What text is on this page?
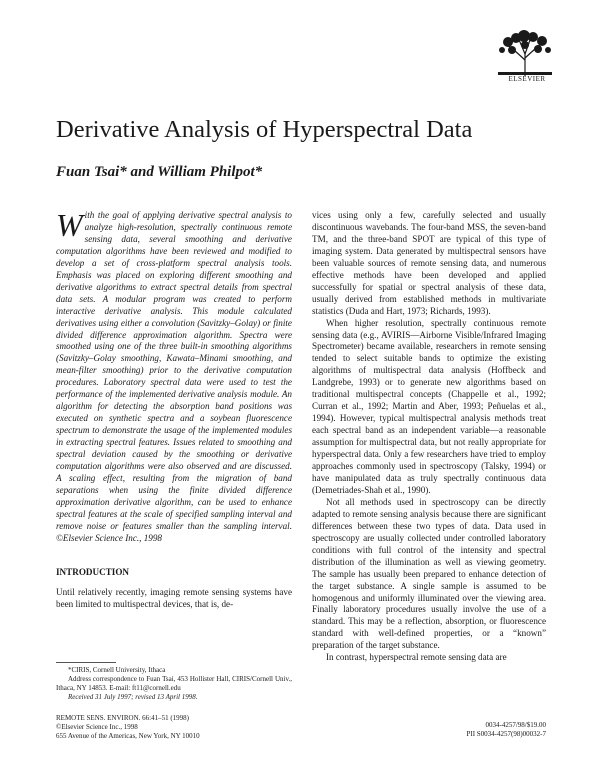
ELSEVIER
Derivative Analysis of Hyperspectral Data
Fuan Tsai* and William Philpot*

With the goal of applying derivative spectral analysis to analyze high-resolution, spectrally continuous remote sensing data, several smoothing and derivative computation algorithms have been reviewed and modified to develop a set of cross-platform spectral analysis tools. Emphasis was placed on exploring different smoothing and derivative algorithms to extract spectral details from spectral data sets. A modular program was created to perform interactive derivative analysis. This module calculated derivatives using either a convolution (Savitzky–Golay) or finite divided difference approximation algorithm. Spectra were smoothed using one of the three built-in smoothing algorithms (Savitzky–Golay smoothing, Kawata–Minami smoothing, and mean-filter smoothing) prior to the derivative computation procedures. Laboratory spectral data were used to test the performance of the implemented derivative analysis module. An algorithm for detecting the absorption band positions was executed on synthetic spectra and a soybean fluorescence spectrum to demonstrate the usage of the implemented modules in extracting spectral features. Issues related to smoothing and spectral deviation caused by the smoothing or derivative computation algorithms were also observed and are discussed. A scaling effect, resulting from the migration of band separations when using the finite divided difference approximation derivative algorithm, can be used to enhance spectral features at the scale of specified sampling interval and remove noise or features smaller than the sampling interval. ©Elsevier Science Inc., 1998

INTRODUCTION

Until relatively recently, imaging remote sensing systems have been limited to multispectral devices, that is, de-

vices using only a few, carefully selected and usually discontinuous wavebands. The four-band MSS, the seven-band TM, and the three-band SPOT are typical of this type of imaging system. Data generated by multispectral sensors have been valuable sources of remote sensing data, and numerous effective methods have been developed and applied successfully for spatial or spectral analysis of these data, usually derived from established methods in multivariate statistics (Duda and Hart, 1973; Richards, 1993).

When higher resolution, spectrally continuous remote sensing data (e.g., AVIRIS—Airborne Visible/Infrared Imaging Spectrometer) became available, researchers in remote sensing tended to select suitable bands to optimize the existing algorithms of multispectral data analysis (Hoffbeck and Landgrebe, 1993) or to generate new algorithms based on traditional multispectral concepts (Chappelle et al., 1992; Curran et al., 1992; Martin and Aber, 1993; Peñuelas et al., 1994). However, typical multispectral analysis methods treat each spectral band as an independent variable—a reasonable assumption for multispectral data, but not really appropriate for hyperspectral data. Only a few researchers have tried to employ approaches commonly used in spectroscopy (Talsky, 1994) or have manipulated data as truly spectrally continuous data (Demetriades-Shah et al., 1990).

Not all methods used in spectroscopy can be directly adapted to remote sensing analysis because there are significant differences between these two types of data. Data used in spectroscopy are usually collected under controlled laboratory conditions with full control of the intensity and spectral distribution of the illumination as well as viewing geometry. The sample has usually been prepared to enhance detection of the target substance. A single sample is assumed to be homogenous and uniformly illuminated over the viewing area. Finally laboratory procedures usually involve the use of a standard. This may be a reflection, absorption, or fluorescence standard with well-defined properties, or a “known” preparation of the target substance.

In contrast, hyperspectral remote sensing data are

*CIRIS, Cornell University, Ithaca

Address correspondence to Fuan Tsai, 453 Hollister Hall, CIRIS/Cornell Univ., Ithaca, NY 14853. E-mail: ft11@cornell.edu

Received 31 July 1997; revised 13 April 1998.

REMOTE SENS. ENVIRON. 66:41–51 (1998)
©Elsevier Science Inc., 1998
655 Avenue of the Americas, New York, NY 10010
0034-4257/98/$19.00
PII S0034-4257(98)00032-7
